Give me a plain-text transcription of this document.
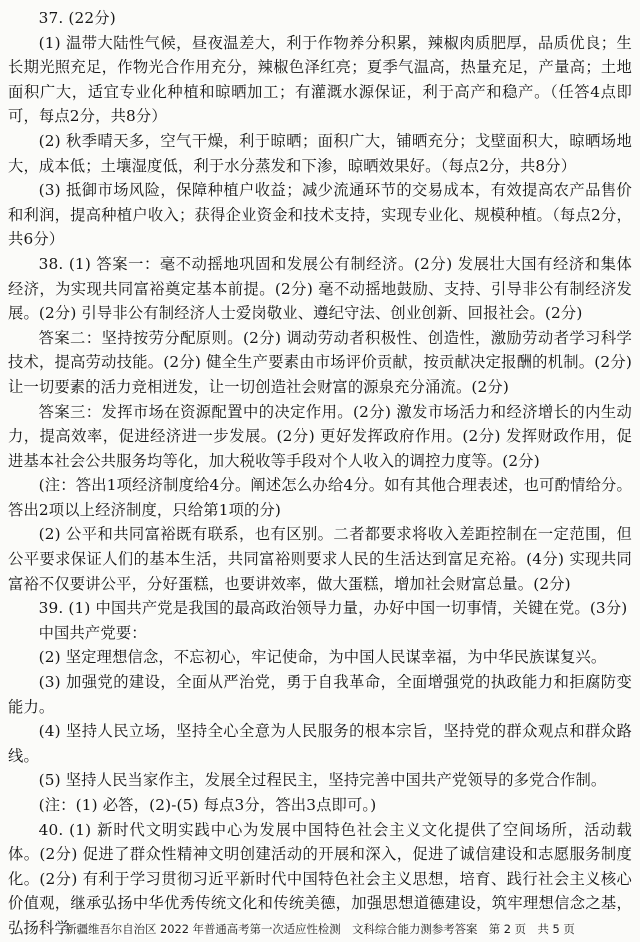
37. (22分)

(1) 温带大陆性气候，昼夜温差大，利于作物养分积累，辣椒肉质肥厚，品质优良；生长期光照充足，作物光合作用充分，辣椒色泽红亮；夏季气温高，热量充足，产量高；土地面积广大，适宜专业化种植和晾晒加工；有灌溉水源保证，利于高产和稳产。（任答4点即可，每点2分，共8分）

(2) 秋季晴天多，空气干燥，利于晾晒；面积广大，铺晒充分；戈壁面积大，晾晒场地大，成本低；土壤湿度低，利于水分蒸发和下渗，晾晒效果好。（每点2分，共8分）

(3) 抵御市场风险，保障种植户收益；减少流通环节的交易成本，有效提高农产品售价和利润，提高种植户收入；获得企业资金和技术支持，实现专业化、规模种植。（每点2分，共6分）

38. (1) 答案一：毫不动摇地巩固和发展公有制经济。(2分) 发展壮大国有经济和集体经济，为实现共同富裕奠定基本前提。(2分) 毫不动摇地鼓励、支持、引导非公有制经济发展。(2分) 引导非公有制经济人士爱岗敬业、遵纪守法、创业创新、回报社会。(2分)

答案二：坚持按劳分配原则。(2分) 调动劳动者积极性、创造性，激励劳动者学习科学技术，提高劳动技能。(2分) 健全生产要素由市场评价贡献，按贡献决定报酬的机制。(2分) 让一切要素的活力竞相迸发，让一切创造社会财富的源泉充分涌流。(2分)

答案三：发挥市场在资源配置中的决定作用。(2分) 激发市场活力和经济增长的内生动力，提高效率，促进经济进一步发展。(2分) 更好发挥政府作用。(2分) 发挥财政作用，促进基本社会公共服务均等化，加大税收等手段对个人收入的调控力度等。(2分)

(注：答出1项经济制度给4分。阐述怎么办给4分。如有其他合理表述，也可酌情给分。答出2项以上经济制度，只给第1项的分)

(2) 公平和共同富裕既有联系，也有区别。二者都要求将收入差距控制在一定范围，但公平要求保证人们的基本生活，共同富裕则要求人民的生活达到富足充裕。(4分) 实现共同富裕不仅要讲公平，分好蛋糕，也要讲效率，做大蛋糕，增加社会财富总量。(2分)

39. (1) 中国共产党是我国的最高政治领导力量，办好中国一切事情，关键在党。(3分)

中国共产党要：

(2) 坚定理想信念，不忘初心，牢记使命，为中国人民谋幸福，为中华民族谋复兴。

(3) 加强党的建设，全面从严治党，勇于自我革命，全面增强党的执政能力和拒腐防变能力。

(4) 坚持人民立场，坚持全心全意为人民服务的根本宗旨，坚持党的群众观点和群众路线。

(5) 坚持人民当家作主，发展全过程民主，坚持完善中国共产党领导的多党合作制。

(注：(1) 必答，(2)-(5) 每点3分，答出3点即可。)

40. (1) 新时代文明实践中心为发展中国特色社会主义文化提供了空间场所，活动载体。(2分) 促进了群众性精神文明创建活动的开展和深入，促进了诚信建设和志愿服务制度化。(2分) 有利于学习贯彻习近平新时代中国特色社会主义思想，培育、践行社会主义核心价值观，继承弘扬中华优秀传统文化和传统美德，加强思想道德建设，筑牢理想信念之基，弘扬科学

新疆维吾尔自治区 2022 年普通高考第一次适应性检测　文科综合能力测参考答案　第 2 页　共 5 页
